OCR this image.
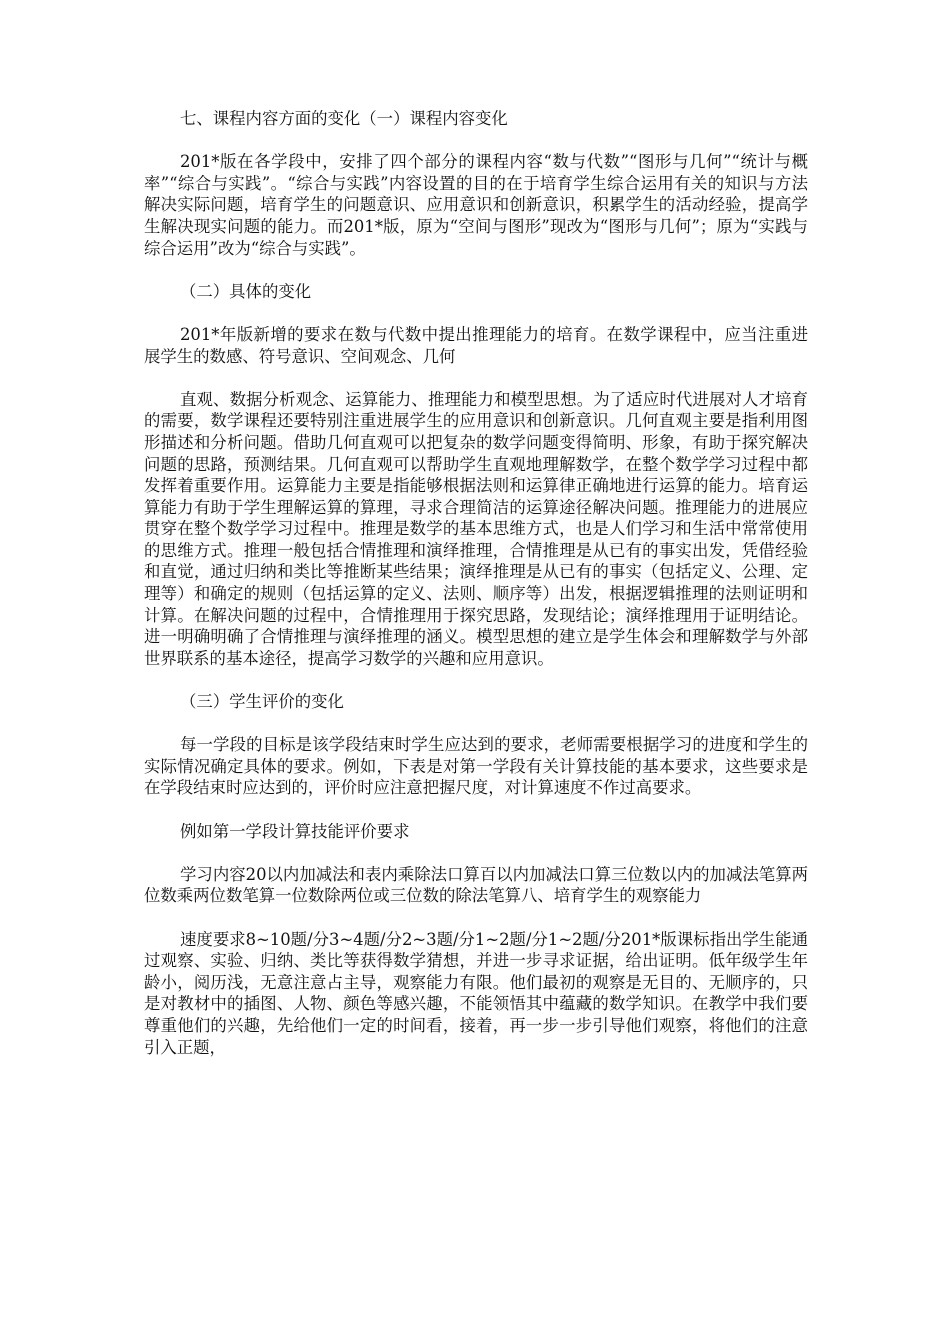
七、课程内容方面的变化（一）课程内容变化

201*版在各学段中，安排了四个部分的课程内容“数与代数”“图形与几何”“统计与概率”“综合与实践”。“综合与实践”内容设置的目的在于培育学生综合运用有关的知识与方法解决实际问题，培育学生的问题意识、应用意识和创新意识，积累学生的活动经验，提高学生解决现实问题的能力。而201*版，原为“空间与图形”现改为“图形与几何”；原为“实践与综合运用”改为“综合与实践”。

（二）具体的变化

201*年版新增的要求在数与代数中提出推理能力的培育。在数学课程中，应当注重进展学生的数感、符号意识、空间观念、几何

直观、数据分析观念、运算能力、推理能力和模型思想。为了适应时代进展对人才培育的需要，数学课程还要特别注重进展学生的应用意识和创新意识。几何直观主要是指利用图形描述和分析问题。借助几何直观可以把复杂的数学问题变得简明、形象，有助于探究解决问题的思路，预测结果。几何直观可以帮助学生直观地理解数学，在整个数学学习过程中都发挥着重要作用。运算能力主要是指能够根据法则和运算律正确地进行运算的能力。培育运算能力有助于学生理解运算的算理，寻求合理简洁的运算途径解决问题。推理能力的进展应贯穿在整个数学学习过程中。推理是数学的基本思维方式，也是人们学习和生活中常常使用的思维方式。推理一般包括合情推理和演绎推理，合情推理是从已有的事实出发，凭借经验和直觉，通过归纳和类比等推断某些结果；演绎推理是从已有的事实（包括定义、公理、定理等）和确定的规则（包括运算的定义、法则、顺序等）出发，根据逻辑推理的法则证明和计算。在解决问题的过程中，合情推理用于探究思路，发现结论；演绎推理用于证明结论。进一明确明确了合情推理与演绎推理的涵义。模型思想的建立是学生体会和理解数学与外部世界联系的基本途径，提高学习数学的兴趣和应用意识。

（三）学生评价的变化

每一学段的目标是该学段结束时学生应达到的要求，老师需要根据学习的进度和学生的实际情况确定具体的要求。例如，下表是对第一学段有关计算技能的基本要求，这些要求是在学段结束时应达到的，评价时应注意把握尺度，对计算速度不作过高要求。

例如第一学段计算技能评价要求

学习内容20以内加减法和表内乘除法口算百以内加减法口算三位数以内的加减法笔算两位数乘两位数笔算一位数除两位或三位数的除法笔算八、培育学生的观察能力

速度要求8~10题/分3~4题/分2~3题/分1~2题/分1~2题/分201*版课标指出学生能通过观察、实验、归纳、类比等获得数学猜想，并进一步寻求证据，给出证明。低年级学生年龄小，阅历浅，无意注意占主导，观察能力有限。他们最初的观察是无目的、无顺序的，只是对教材中的插图、人物、颜色等感兴趣，不能领悟其中蕴藏的数学知识。在教学中我们要尊重他们的兴趣，先给他们一定的时间看，接着，再一步一步引导他们观察，将他们的注意引入正题，
